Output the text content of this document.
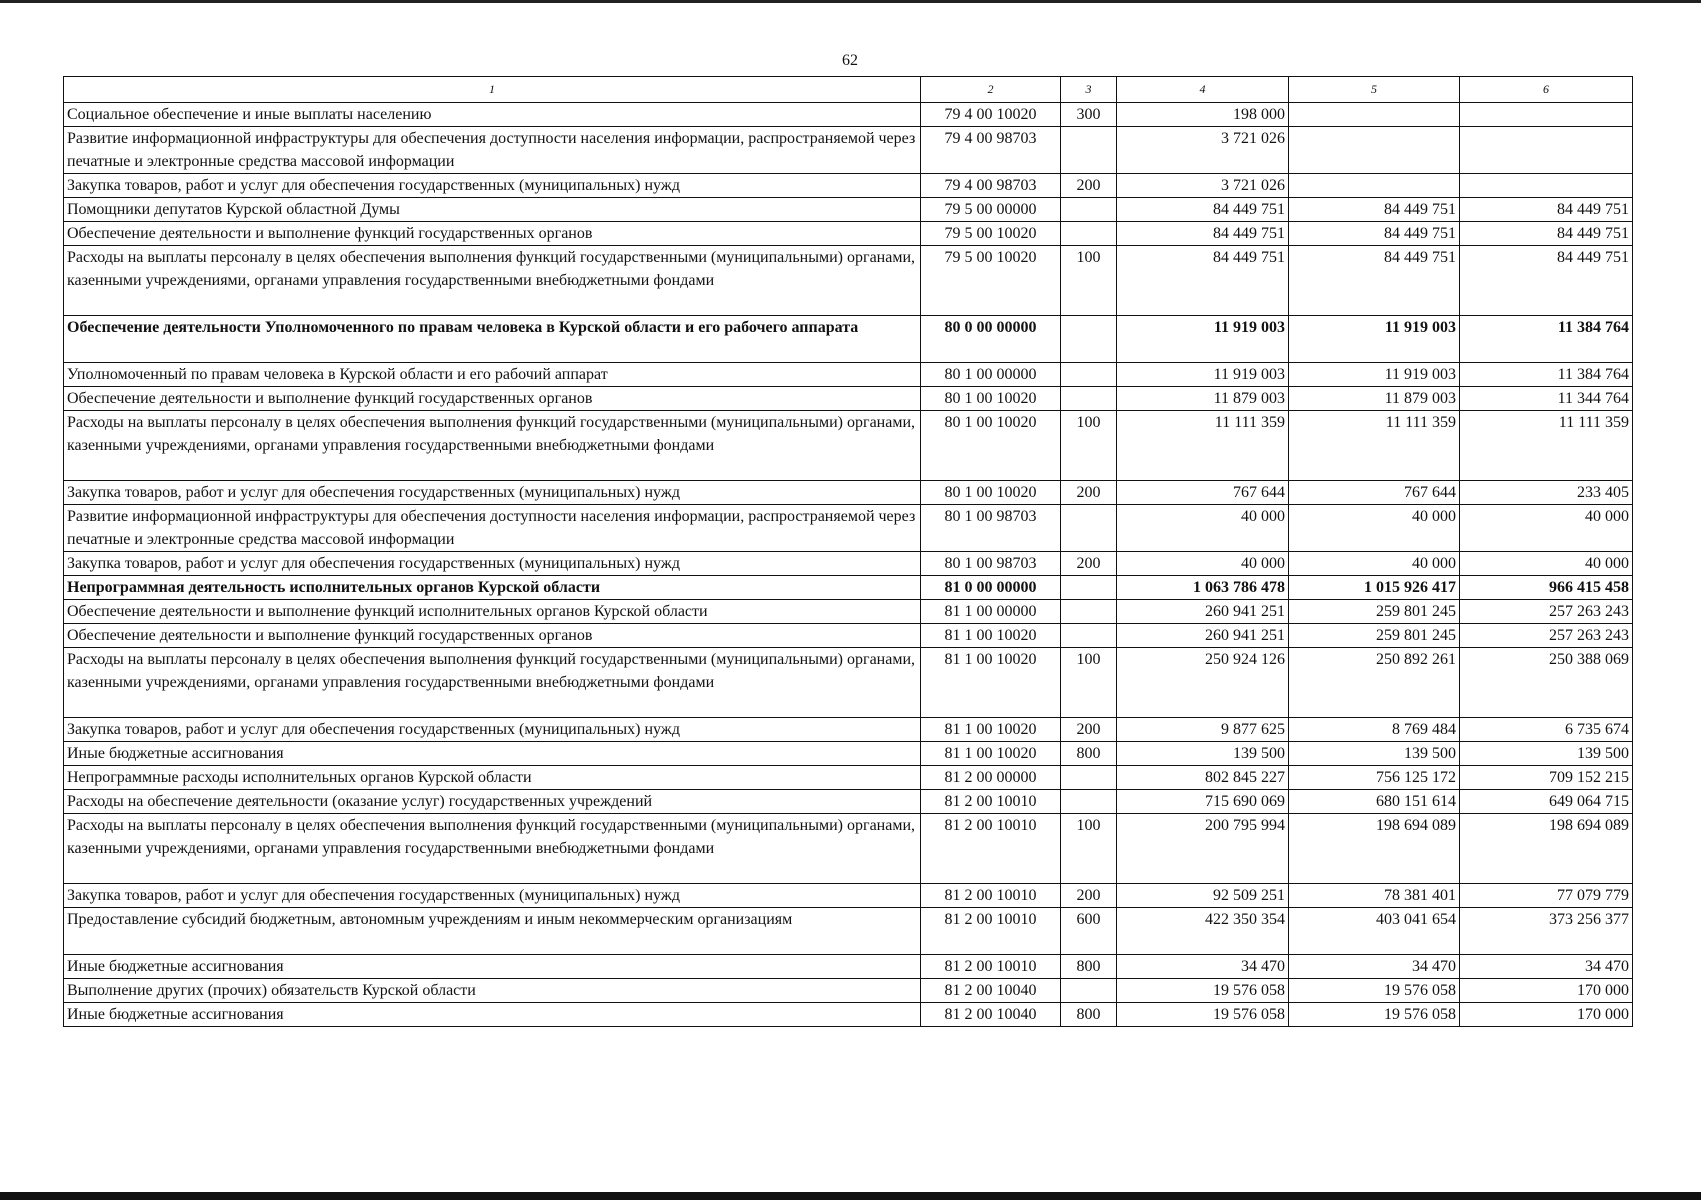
62
1	2	3	4	5	6
Социальное обеспечение и иные выплаты населению	79 4 00 10020	300	198 000		
Развитие информационной инфраструктуры для обеспечения доступности населения информации, распространяемой через печатные и электронные средства массовой информации	79 4 00 98703		3 721 026		
Закупка товаров, работ и услуг для обеспечения государственных (муниципальных) нужд	79 4 00 98703	200	3 721 026		
Помощники депутатов Курской областной Думы	79 5 00 00000		84 449 751	84 449 751	84 449 751
Обеспечение деятельности и выполнение функций государственных органов	79 5 00 10020		84 449 751	84 449 751	84 449 751
Расходы на выплаты персоналу в целях обеспечения выполнения функций государственными (муниципальными) органами, казенными учреждениями, органами управления государственными внебюджетными фондами	79 5 00 10020	100	84 449 751	84 449 751	84 449 751
Обеспечение деятельности Уполномоченного по правам человека в Курской области и его рабочего аппарата	80 0 00 00000		11 919 003	11 919 003	11 384 764
Уполномоченный по правам человека в Курской области и его рабочий аппарат	80 1 00 00000		11 919 003	11 919 003	11 384 764
Обеспечение деятельности и выполнение функций государственных органов	80 1 00 10020		11 879 003	11 879 003	11 344 764
Расходы на выплаты персоналу в целях обеспечения выполнения функций государственными (муниципальными) органами, казенными учреждениями, органами управления государственными внебюджетными фондами	80 1 00 10020	100	11 111 359	11 111 359	11 111 359
Закупка товаров, работ и услуг для обеспечения государственных (муниципальных) нужд	80 1 00 10020	200	767 644	767 644	233 405
Развитие информационной инфраструктуры для обеспечения доступности населения информации, распространяемой через печатные и электронные средства массовой информации	80 1 00 98703		40 000	40 000	40 000
Закупка товаров, работ и услуг для обеспечения государственных (муниципальных) нужд	80 1 00 98703	200	40 000	40 000	40 000
Непрограммная деятельность исполнительных органов Курской области	81 0 00 00000		1 063 786 478	1 015 926 417	966 415 458
Обеспечение деятельности и выполнение функций исполнительных органов Курской области	81 1 00 00000		260 941 251	259 801 245	257 263 243
Обеспечение деятельности и выполнение функций государственных органов	81 1 00 10020		260 941 251	259 801 245	257 263 243
Расходы на выплаты персоналу в целях обеспечения выполнения функций государственными (муниципальными) органами, казенными учреждениями, органами управления государственными внебюджетными фондами	81 1 00 10020	100	250 924 126	250 892 261	250 388 069
Закупка товаров, работ и услуг для обеспечения государственных (муниципальных) нужд	81 1 00 10020	200	9 877 625	8 769 484	6 735 674
Иные бюджетные ассигнования	81 1 00 10020	800	139 500	139 500	139 500
Непрограммные расходы исполнительных органов Курской области	81 2 00 00000		802 845 227	756 125 172	709 152 215
Расходы на обеспечение деятельности (оказание услуг) государственных учреждений	81 2 00 10010		715 690 069	680 151 614	649 064 715
Расходы на выплаты персоналу в целях обеспечения выполнения функций государственными (муниципальными) органами, казенными учреждениями, органами управления государственными внебюджетными фондами	81 2 00 10010	100	200 795 994	198 694 089	198 694 089
Закупка товаров, работ и услуг для обеспечения государственных (муниципальных) нужд	81 2 00 10010	200	92 509 251	78 381 401	77 079 779
Предоставление субсидий бюджетным, автономным учреждениям и иным некоммерческим организациям	81 2 00 10010	600	422 350 354	403 041 654	373 256 377
Иные бюджетные ассигнования	81 2 00 10010	800	34 470	34 470	34 470
Выполнение других (прочих) обязательств Курской области	81 2 00 10040		19 576 058	19 576 058	170 000
Иные бюджетные ассигнования	81 2 00 10040	800	19 576 058	19 576 058	170 000
